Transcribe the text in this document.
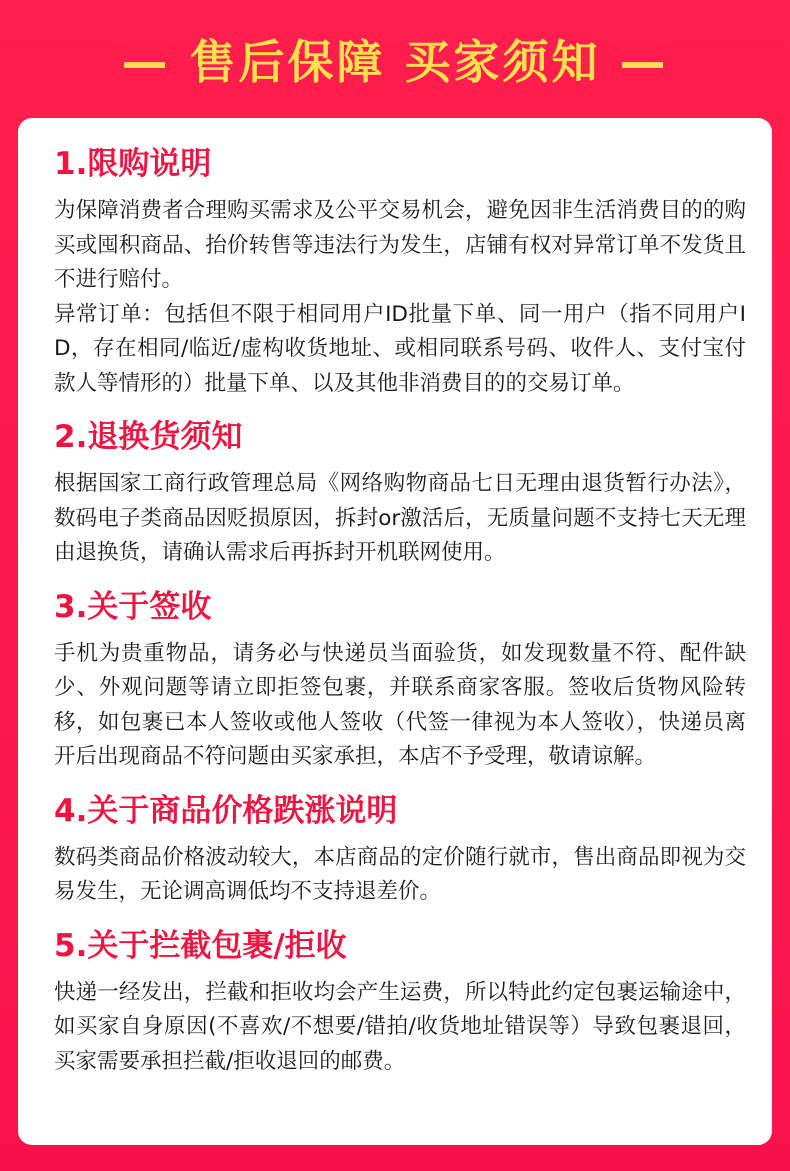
— 售后保障 买家须知 —
1.限购说明

为保障消费者合理购买需求及公平交易机会，避免因非生活消费目的的购买或囤积商品、抬价转售等违法行为发生，店铺有权对异常订单不发货且不进行赔付。

异常订单：包括但不限于相同用户ID批量下单、同一用户（指不同用户ID，存在相同/临近/虚构收货地址、或相同联系号码、收件人、支付宝付款人等情形的）批量下单、以及其他非消费目的的交易订单。

2.退换货须知

根据国家工商行政管理总局《网络购物商品七日无理由退货暂行办法》，数码电子类商品因贬损原因，拆封or激活后，无质量问题不支持七天无理由退换货，请确认需求后再拆封开机联网使用。

3.关于签收

手机为贵重物品，请务必与快递员当面验货，如发现数量不符、配件缺少、外观问题等请立即拒签包裹，并联系商家客服。签收后货物风险转移，如包裹已本人签收或他人签收（代签一律视为本人签收），快递员离开后出现商品不符问题由买家承担，本店不予受理，敬请谅解。

4.关于商品价格跌涨说明

数码类商品价格波动较大，本店商品的定价随行就市，售出商品即视为交易发生，无论调高调低均不支持退差价。

5.关于拦截包裹/拒收

快递一经发出，拦截和拒收均会产生运费，所以特此约定包裹运输途中，如买家自身原因(不喜欢/不想要/错拍/收货地址错误等）导致包裹退回，买家需要承担拦截/拒收退回的邮费。
